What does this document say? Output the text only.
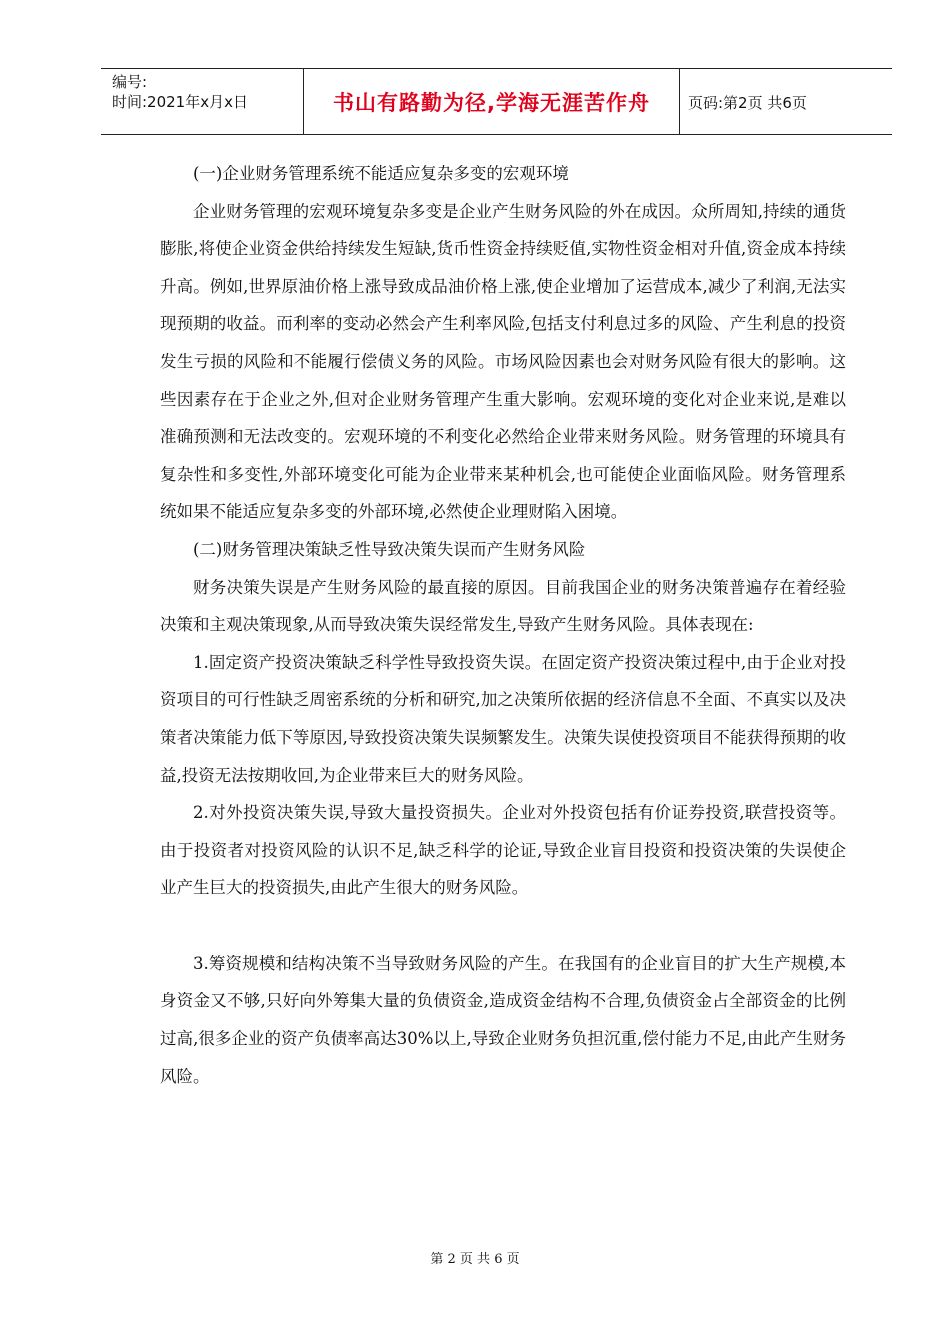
编号:
时间:2021年x月x日	书山有路勤为径,学海无涯苦作舟	页码:第2页 共6页

(一)企业财务管理系统不能适应复杂多变的宏观环境

企业财务管理的宏观环境复杂多变是企业产生财务风险的外在成因。众所周知,持续的通货膨胀,将使企业资金供给持续发生短缺,货币性资金持续贬值,实物性资金相对升值,资金成本持续升高。例如,世界原油价格上涨导致成品油价格上涨,使企业增加了运营成本,减少了利润,无法实现预期的收益。而利率的变动必然会产生利率风险,包括支付利息过多的风险、产生利息的投资发生亏损的风险和不能履行偿债义务的风险。市场风险因素也会对财务风险有很大的影响。这些因素存在于企业之外,但对企业财务管理产生重大影响。宏观环境的变化对企业来说,是难以准确预测和无法改变的。宏观环境的不利变化必然给企业带来财务风险。财务管理的环境具有复杂性和多变性,外部环境变化可能为企业带来某种机会,也可能使企业面临风险。财务管理系统如果不能适应复杂多变的外部环境,必然使企业理财陷入困境。

(二)财务管理决策缺乏性导致决策失误而产生财务风险

财务决策失误是产生财务风险的最直接的原因。目前我国企业的财务决策普遍存在着经验决策和主观决策现象,从而导致决策失误经常发生,导致产生财务风险。具体表现在:

1.固定资产投资决策缺乏科学性导致投资失误。在固定资产投资决策过程中,由于企业对投资项目的可行性缺乏周密系统的分析和研究,加之决策所依据的经济信息不全面、不真实以及决策者决策能力低下等原因,导致投资决策失误频繁发生。决策失误使投资项目不能获得预期的收益,投资无法按期收回,为企业带来巨大的财务风险。

2.对外投资决策失误,导致大量投资损失。企业对外投资包括有价证券投资,联营投资等。由于投资者对投资风险的认识不足,缺乏科学的论证,导致企业盲目投资和投资决策的失误使企业产生巨大的投资损失,由此产生很大的财务风险。

3.筹资规模和结构决策不当导致财务风险的产生。在我国有的企业盲目的扩大生产规模,本身资金又不够,只好向外筹集大量的负债资金,造成资金结构不合理,负债资金占全部资金的比例过高,很多企业的资产负债率高达30%以上,导致企业财务负担沉重,偿付能力不足,由此产生财务风险。

第 2 页 共 6 页
